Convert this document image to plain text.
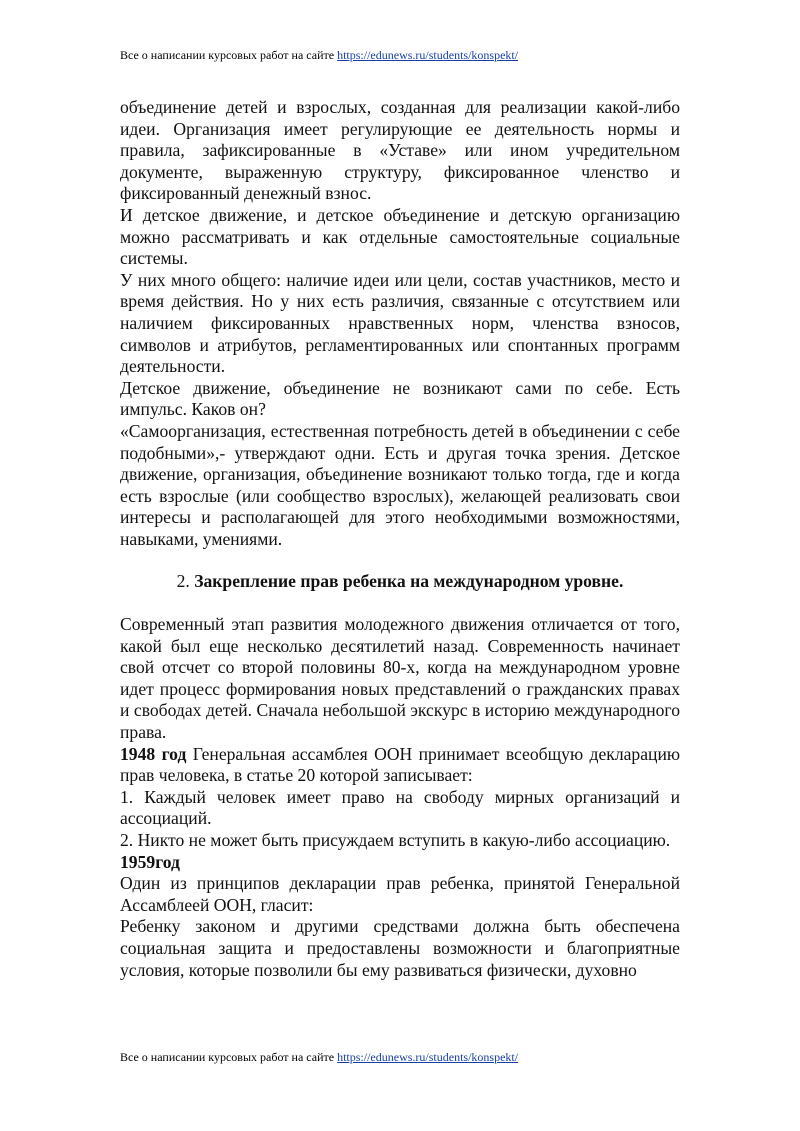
Все о написании курсовых работ на сайте https://edunews.ru/students/konspekt/

объединение детей и взрослых, созданная для реализации какой-либо идеи. Организация имеет регулирующие ее деятельность нормы и правила, зафиксированные в «Уставе» или ином учредительном документе, выраженную структуру, фиксированное членство и фиксированный денежный взнос.

И детское движение, и детское объединение и детскую организацию можно рассматривать и как отдельные самостоятельные социальные системы.

У них много общего: наличие идеи или цели, состав участников, место и время действия. Но у них есть различия, связанные с отсутствием или наличием фиксированных нравственных норм, членства взносов, символов и атрибутов, регламентированных или спонтанных программ деятельности.

Детское движение, объединение не возникают сами по себе. Есть импульс. Каков он?

«Самоорганизация, естественная потребность детей в объединении с себе подобными»,- утверждают одни. Есть и другая точка зрения. Детское движение, организация, объединение возникают только тогда, где и когда есть взрослые (или сообщество взрослых), желающей реализовать свои интересы и располагающей для этого необходимыми возможностями, навыками, умениями.

2. Закрепление прав ребенка на международном уровне.

Современный этап развития молодежного движения отличается от того, какой был еще несколько десятилетий назад. Современность начинает свой отсчет со второй половины 80-х, когда на международном уровне идет процесс формирования новых представлений о гражданских правах и свободах детей. Сначала небольшой экскурс в историю международного права.

1948 год Генеральная ассамблея ООН принимает всеобщую декларацию прав человека, в статье 20 которой записывает:

1. Каждый человек имеет право на свободу мирных организаций и ассоциаций.

2. Никто не может быть присуждаем вступить в какую-либо ассоциацию.

1959год

Один из принципов декларации прав ребенка, принятой Генеральной Ассамблеей ООН, гласит:

Ребенку законом и другими средствами должна быть обеспечена социальная защита и предоставлены возможности и благоприятные условия, которые позволили бы ему развиваться физически, духовно

Все о написании курсовых работ на сайте https://edunews.ru/students/konspekt/
